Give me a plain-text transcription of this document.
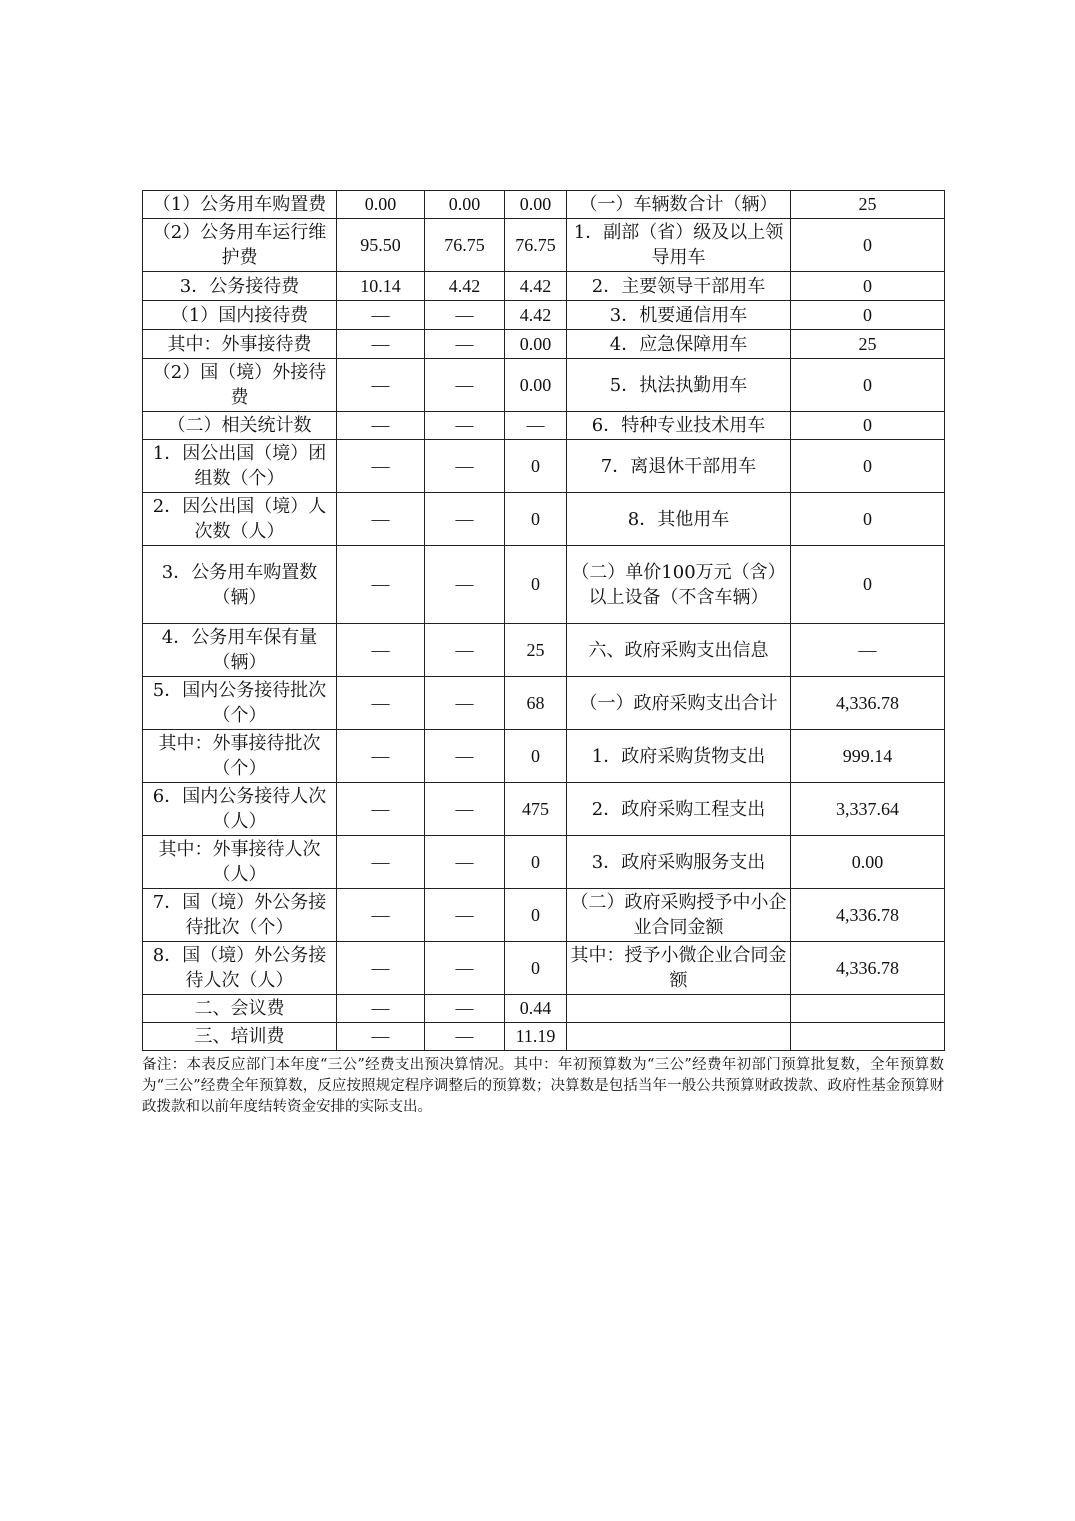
（1）公务用车购置费	0.00	0.00	0.00	（一）车辆数合计（辆）	25
（2）公务用车运行维护费	95.50	76.75	76.75	1．副部（省）级及以上领导用车	0
3．公务接待费	10.14	4.42	4.42	2．主要领导干部用车	0
（1）国内接待费	—	—	4.42	3．机要通信用车	0
其中：外事接待费	—	—	0.00	4．应急保障用车	25
（2）国（境）外接待费	—	—	0.00	5．执法执勤用车	0
（二）相关统计数	—	—	—	6．特种专业技术用车	0
1．因公出国（境）团组数（个）	—	—	0	7．离退休干部用车	0
2．因公出国（境）人次数（人）	—	—	0	8．其他用车	0
3．公务用车购置数（辆）	—	—	0	（二）单价100万元（含）以上设备（不含车辆）	0
4．公务用车保有量（辆）	—	—	25	六、政府采购支出信息	—
5．国内公务接待批次（个）	—	—	68	（一）政府采购支出合计	4,336.78
其中：外事接待批次（个）	—	—	0	1．政府采购货物支出	999.14
6．国内公务接待人次（人）	—	—	475	2．政府采购工程支出	3,337.64
其中：外事接待人次（人）	—	—	0	3．政府采购服务支出	0.00
7．国（境）外公务接待批次（个）	—	—	0	（二）政府采购授予中小企业合同金额	4,336.78
8．国（境）外公务接待人次（人）	—	—	0	其中：授予小微企业合同金额	4,336.78
二、会议费	—	—	0.44		
三、培训费	—	—	11.19		
备注：本表反应部门本年度“三公”经费支出预决算情况。其中：年初预算数为“三公”经费年初部门预算批复数，全年预算数为“三公”经费全年预算数，反应按照规定程序调整后的预算数；决算数是包括当年一般公共预算财政拨款、政府性基金预算财政拨款和以前年度结转资金安排的实际支出。
